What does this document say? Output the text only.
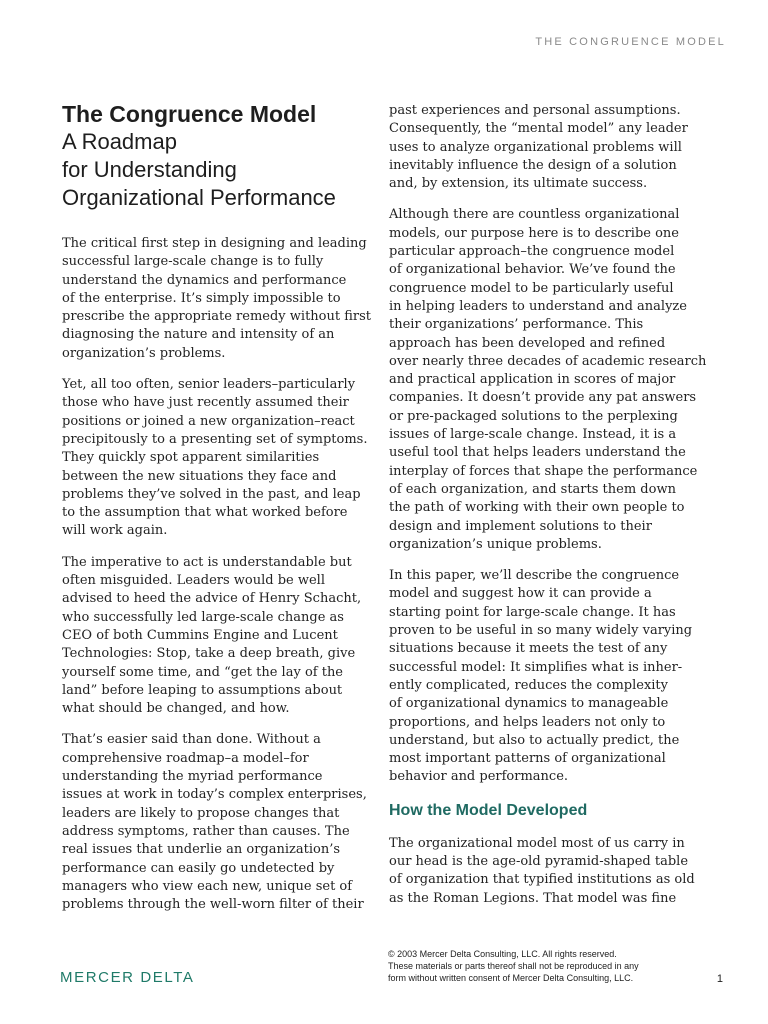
THE CONGRUENCE MODEL
The Congruence Model
A Roadmap
for Understanding
Organizational Performance

The critical first step in designing and leading
successful large-scale change is to fully
understand the dynamics and performance
of the enterprise. It’s simply impossible to
prescribe the appropriate remedy without first
diagnosing the nature and intensity of an
organization’s problems.

Yet, all too often, senior leaders–particularly
those who have just recently assumed their
positions or joined a new organization–react
precipitously to a presenting set of symptoms.
They quickly spot apparent similarities
between the new situations they face and
problems they’ve solved in the past, and leap
to the assumption that what worked before
will work again.

The imperative to act is understandable but
often misguided. Leaders would be well
advised to heed the advice of Henry Schacht,
who successfully led large-scale change as
CEO of both Cummins Engine and Lucent
Technologies: Stop, take a deep breath, give
yourself some time, and “get the lay of the
land” before leaping to assumptions about
what should be changed, and how.

That’s easier said than done. Without a
comprehensive roadmap–a model–for
understanding the myriad performance
issues at work in today’s complex enterprises,
leaders are likely to propose changes that
address symptoms, rather than causes. The
real issues that underlie an organization’s
performance can easily go undetected by
managers who view each new, unique set of
problems through the well-worn filter of their

past experiences and personal assumptions.
Consequently, the “mental model” any leader
uses to analyze organizational problems will
inevitably influence the design of a solution
and, by extension, its ultimate success.

Although there are countless organizational
models, our purpose here is to describe one
particular approach–the congruence model
of organizational behavior. We’ve found the
congruence model to be particularly useful
in helping leaders to understand and analyze
their organizations’ performance. This
approach has been developed and refined
over nearly three decades of academic research
and practical application in scores of major
companies. It doesn’t provide any pat answers
or pre-packaged solutions to the perplexing
issues of large-scale change. Instead, it is a
useful tool that helps leaders understand the
interplay of forces that shape the performance
of each organization, and starts them down
the path of working with their own people to
design and implement solutions to their
organization’s unique problems.

In this paper, we’ll describe the congruence
model and suggest how it can provide a
starting point for large-scale change. It has
proven to be useful in so many widely varying
situations because it meets the test of any
successful model: It simplifies what is inher-
ently complicated, reduces the complexity
of organizational dynamics to manageable
proportions, and helps leaders not only to
understand, but also to actually predict, the
most important patterns of organizational
behavior and performance.

How the Model Developed

The organizational model most of us carry in
our head is the age-old pyramid-shaped table
of organization that typified institutions as old
as the Roman Legions. That model was fine

MERCER DELTA
© 2003 Mercer Delta Consulting, LLC. All rights reserved.
These materials or parts thereof shall not be reproduced in any
form without written consent of Mercer Delta Consulting, LLC.	1
